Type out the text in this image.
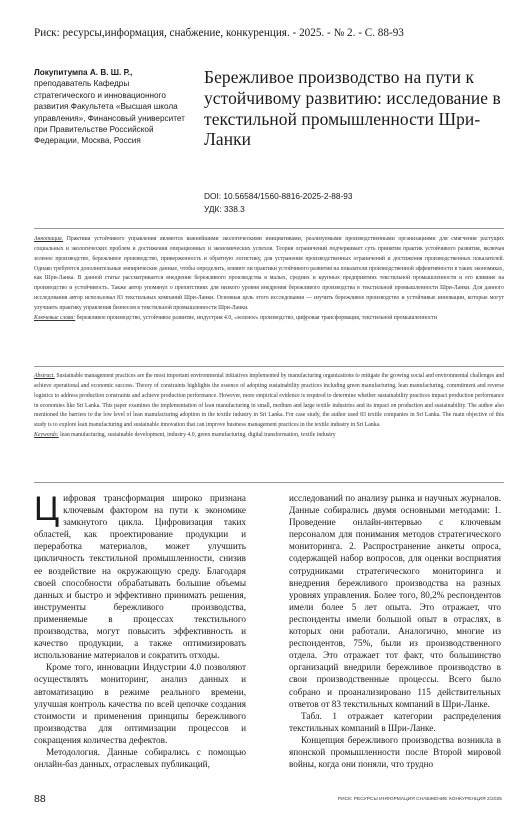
Риск: ресурсы,информация, снабжение, конкуренция. - 2025. - № 2. - С. 88-93
Локупитумпа А. В. Ш. Р.,
преподаватель Кафедры стратегического и инновационного развития Факультета «Высшая школа управления», Финансовый университет при Правительстве Российской Федерации, Москва, Россия
Бережливое производство на пути к устойчивому развитию: исследование в текстильной промышленности Шри-Ланки
DOI: 10.56584/1560-8816-2025-2-88-93
УДК: 338.3

Аннотация. Практики устойчивого управления являются важнейшими экологическими инициативами, реализуемыми производственными организациями для смягчения растущих социальных и экологических проблем и достижения операционных и экономических успехов. Теория ограничений подчеркивает суть принятия практик устойчивого развития, включая зеленое производство, бережливое производство, приверженность и обратную логистику, для устранения производственных ограничений и достижения производственных показателей. Однако требуются дополнительные эмпирические данные, чтобы определить, влияют ли практики устойчивого развития на показатели производственной эффективности в таких экономиках, как Шри-Ланка. В данной статье рассматривается внедрение бережливого производства в малых, средних и крупных предприятиях текстильной промышленности и его влияние на производство и устойчивость. Также автор упомянул о препятствиях для низкого уровня внедрения бережливого производства в текстильной промышленности Шри-Ланки. Для данного исследования автор использовал 83 текстильных компаний Шри-Ланки. Основная цель этого исследования — изучить бережливое производство и устойчивые инновации, которые могут улучшить практику управления бизнесом в текстильной промышленности Шри-Ланки.

Ключевые слова: бережливое производство, устойчивое развитие, индустрия 4.0, «зеленое» производство, цифровая трансформация, текстильной промышленности

Abstract. Sustainable management practices are the most important environmental initiatives implemented by manufacturing organizations to mitigate the growing social and environmental challenges and achieve operational and economic success. Theory of constraints highlights the essence of adopting sustainability practices including green manufacturing, lean manufacturing, commitment and reverse logistics to address production constraints and achieve production performance. However, more empirical evidence is required to determine whether sustainability practices impact production performance in economies like Sri Lanka. This paper examines the implementation of lean manufacturing in small, medium and large textile industries and its impact on production and sustainability. The author also mentioned the barriers to the low level of lean manufacturing adoption in the textile industry in Sri Lanka. For case study, the author used 83 textile companies in Sri Lanka. The main objective of this study is to explore lean manufacturing and sustainable innovation that can improve business management practices in the textile industry in Sri Lanka.

Keywords: lean manufacturing, sustainable development, industry 4.0, green manufacturing, digital transformation, textile industry

Цифровая трансформация широко признана ключевым фактором на пути к экономике замкнутого цикла. Цифровизация таких областей, как проектирование продукции и переработка материалов, может улучшить цикличность текстильной промышленности, снизив ее воздействие на окружающую среду. Благодаря своей способности обрабатывать большие объемы данных и быстро и эффективно принимать решения, инструменты бережливого производства, применяемые в процессах текстильного производства, могут повысить эффективность и качество продукции, а также оптимизировать использование материалов и сократить отходы.

Кроме того, инновации Индустрии 4.0 позволяют осуществлять мониторинг, анализ данных и автоматизацию в режиме реального времени, улучшая контроль качества по всей цепочке создания стоимости и применения принципы бережливого производства для оптимизации процессов и сокращения количества дефектов.

Методология. Данные собирались с помощью онлайн-баз данных, отраслевых публикаций,

исследований по анализу рынка и научных журналов. Данные собирались двумя основными методами: 1. Проведение онлайн-интервью с ключевым персоналом для понимания методов стратегического мониторинга. 2. Распространение анкеты опроса, содержащей набор вопросов, для оценки восприятия сотрудниками стратегического мониторинга и внедрения бережливого производства на разных уровнях управления. Более того, 80,2% респондентов имели более 5 лет опыта. Это отражает, что респонденты имели большой опыт в отраслях, в которых они работали. Аналогично, многие из респондентов, 75%, были из производственного отдела. Это отражает тот факт, что большинство организаций внедрили бережливое производство в свои производственные процессы. Всего было собрано и проанализировано 115 действительных ответов от 83 текстильных компаний в Шри-Ланке.

Табл. 1 отражает категории распределения текстильных компаний в Шри-Ланке.

Концепция бережливого производства возникла в японской промышленности после Второй мировой войны, когда они поняли, что трудно

88	РИСК: РЕСУРСЫ ИНФОРМАЦИЯ СНАБЖЕНИЕ КОНКУРЕНЦИЯ 2/2025
